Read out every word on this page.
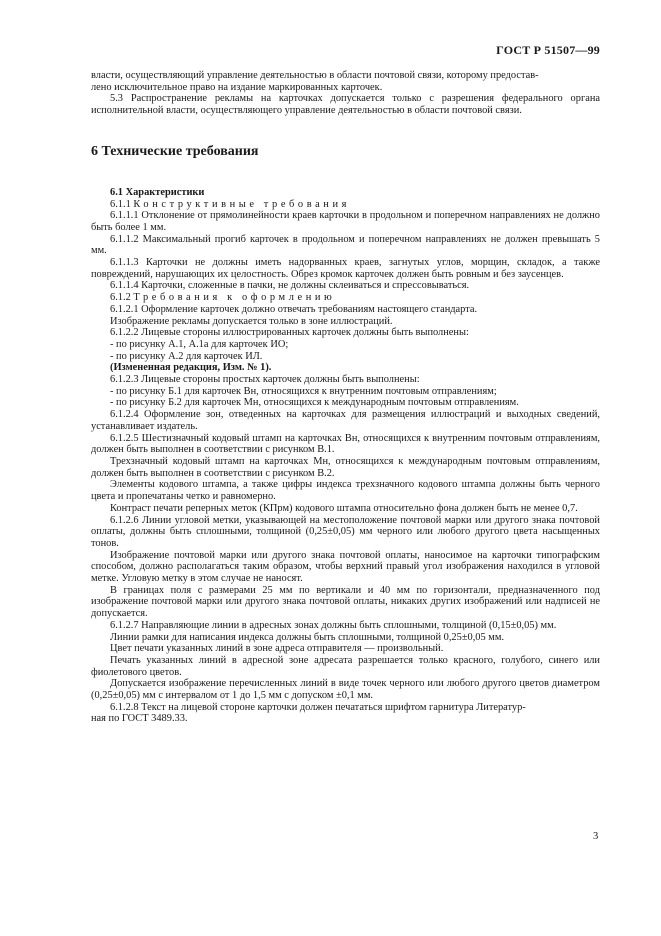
ГОСТ Р 51507—99

власти, осуществляющий управление деятельностью в области почтовой связи, которому предостав-
лено исключительное право на издание маркированных карточек.

5.3 Распространение рекламы на карточках допускается только с разрешения федерального органа исполнительной власти, осуществляющего управление деятельностью в области почтовой связи.

6 Технические требования

6.1 Характеристики

6.1.1 Конструктивные требования

6.1.1.1 Отклонение от прямолинейности краев карточки в продольном и поперечном направлениях не должно быть более 1 мм.

6.1.1.2 Максимальный прогиб карточек в продольном и поперечном направлениях не должен превышать 5 мм.

6.1.1.3 Карточки не должны иметь надорванных краев, загнутых углов, морщин, складок, а также повреждений, нарушающих их целостность. Обрез кромок карточек должен быть ровным и без заусенцев.

6.1.1.4 Карточки, сложенные в пачки, не должны склеиваться и спрессовываться.

6.1.2 Требования к оформлению

6.1.2.1 Оформление карточек должно отвечать требованиям настоящего стандарта.

Изображение рекламы допускается только в зоне иллюстраций.

6.1.2.2 Лицевые стороны иллюстрированных карточек должны быть выполнены:

- по рисунку А.1, А.1а для карточек ИО;

- по рисунку А.2 для карточек ИЛ.

(Измененная редакция, Изм. № 1).

6.1.2.3 Лицевые стороны простых карточек должны быть выполнены:

- по рисунку Б.1 для карточек Вн, относящихся к внутренним почтовым отправлениям;

- по рисунку Б.2 для карточек Мн, относящихся к международным почтовым отправлениям.

6.1.2.4 Оформление зон, отведенных на карточках для размещения иллюстраций и выходных сведений, устанавливает издатель.

6.1.2.5 Шестизначный кодовый штамп на карточках Вн, относящихся к внутренним почтовым отправлениям, должен быть выполнен в соответствии с рисунком В.1.

Трехзначный кодовый штамп на карточках Мн, относящихся к международным почтовым отправлениям, должен быть выполнен в соответствии с рисунком В.2.

Элементы кодового штампа, а также цифры индекса трехзначного кодового штампа должны быть черного цвета и пропечатаны четко и равномерно.

Контраст печати реперных меток (КПрм) кодового штампа относительно фона должен быть не менее 0,7.

6.1.2.6 Линии угловой метки, указывающей на местоположение почтовой марки или другого знака почтовой оплаты, должны быть сплошными, толщиной (0,25±0,05) мм черного или любого другого цвета насыщенных тонов.

Изображение почтовой марки или другого знака почтовой оплаты, наносимое на карточки типографским способом, должно располагаться таким образом, чтобы верхний правый угол изображения находился в угловой метке. Угловую метку в этом случае не наносят.

В границах поля с размерами 25 мм по вертикали и 40 мм по горизонтали, предназначенного под изображение почтовой марки или другого знака почтовой оплаты, никаких других изображений или надписей не допускается.

6.1.2.7 Направляющие линии в адресных зонах должны быть сплошными, толщиной (0,15±0,05) мм.

Линии рамки для написания индекса должны быть сплошными, толщиной 0,25±0,05 мм.

Цвет печати указанных линий в зоне адреса отправителя — произвольный.

Печать указанных линий в адресной зоне адресата разрешается только красного, голубого, синего или фиолетового цветов.

Допускается изображение перечисленных линий в виде точек черного или любого другого цветов диаметром (0,25±0,05) мм с интервалом от 1 до 1,5 мм с допуском ±0,1 мм.

6.1.2.8 Текст на лицевой стороне карточки должен печататься шрифтом гарнитура Литератур-
ная по ГОСТ 3489.33.

3
